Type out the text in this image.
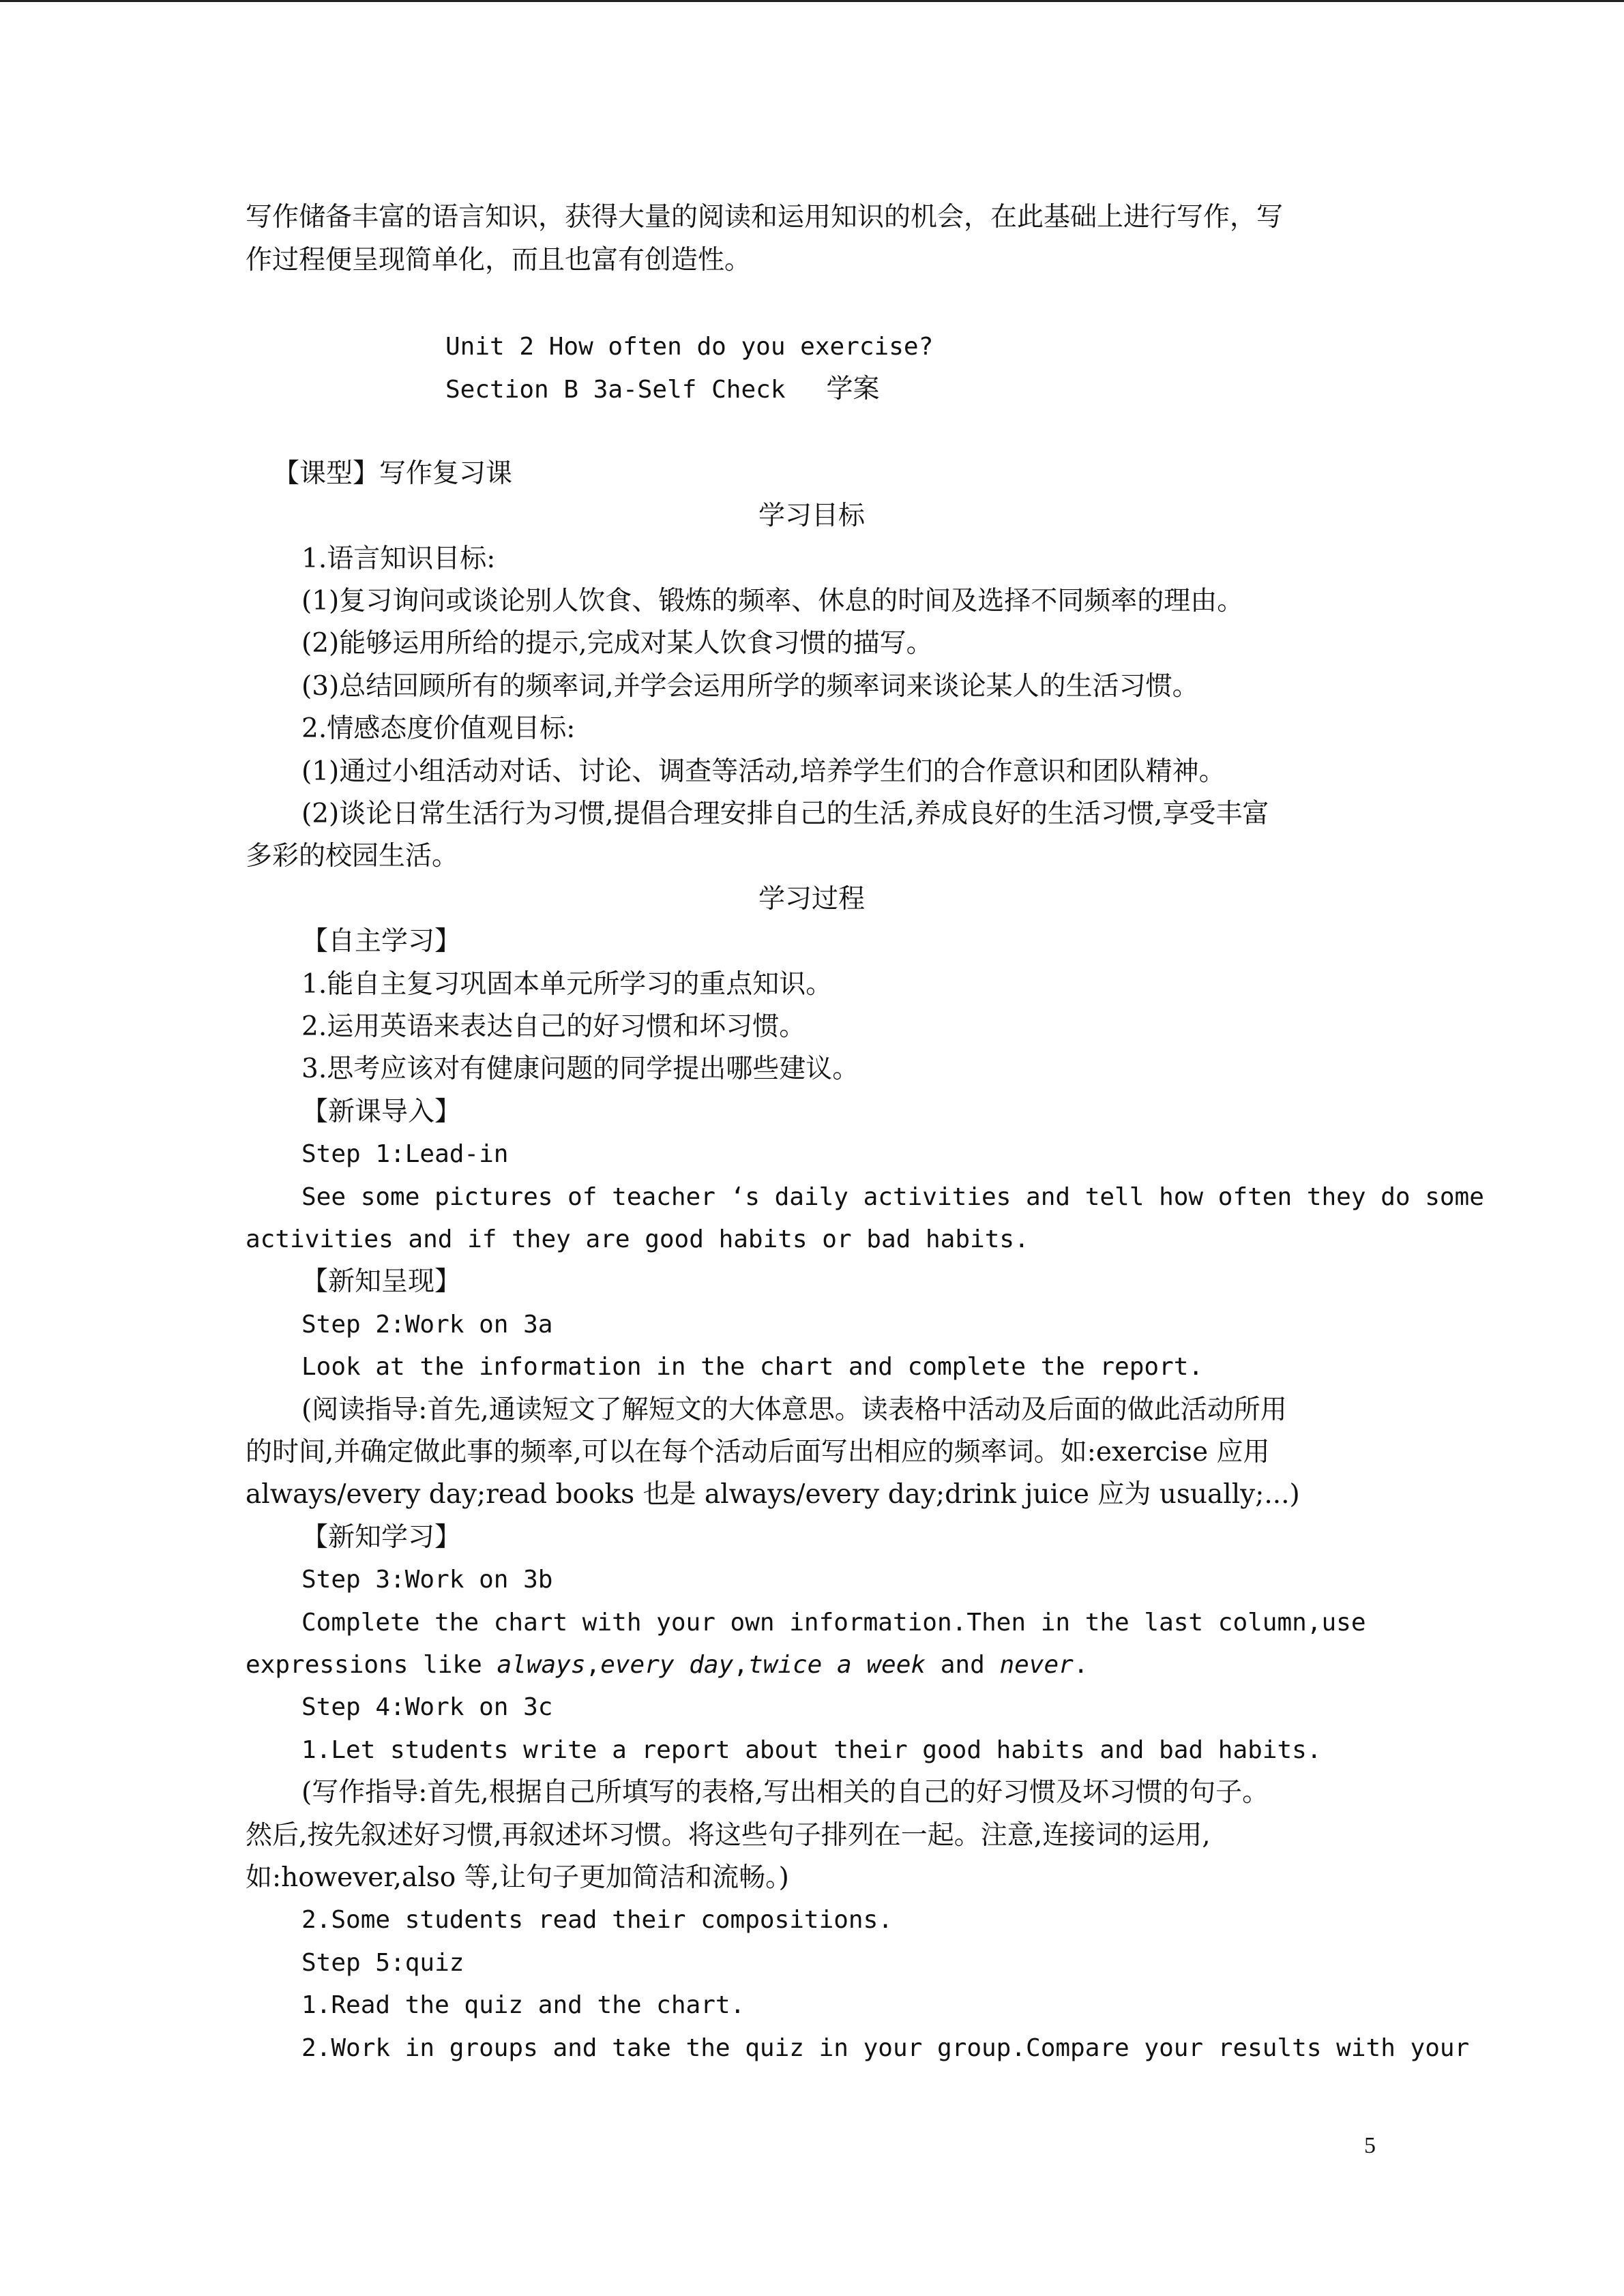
写作储备丰富的语言知识，获得大量的阅读和运用知识的机会，在此基础上进行写作，写
作过程便呈现简单化，而且也富有创造性。
Unit 2 How often do you exercise?
Section B 3a-Self Check 学案
【课型】写作复习课
学习目标
1.语言知识目标:
(1)复习询问或谈论别人饮食、锻炼的频率、休息的时间及选择不同频率的理由。
(2)能够运用所给的提示,完成对某人饮食习惯的描写。
(3)总结回顾所有的频率词,并学会运用所学的频率词来谈论某人的生活习惯。
2.情感态度价值观目标:
(1)通过小组活动对话、讨论、调查等活动,培养学生们的合作意识和团队精神。
(2)谈论日常生活行为习惯,提倡合理安排自己的生活,养成良好的生活习惯,享受丰富
多彩的校园生活。
学习过程
【自主学习】
1.能自主复习巩固本单元所学习的重点知识。
2.运用英语来表达自己的好习惯和坏习惯。
3.思考应该对有健康问题的同学提出哪些建议。
【新课导入】
Step 1:Lead-in
See some pictures of teacher ‘s daily activities and tell how often they do some
activities and if they are good habits or bad habits.
【新知呈现】
Step 2:Work on 3a
Look at the information in the chart and complete the report.
(阅读指导:首先,通读短文了解短文的大体意思。读表格中活动及后面的做此活动所用
的时间,并确定做此事的频率,可以在每个活动后面写出相应的频率词。如:exercise 应用
always/every day;read books 也是 always/every day;drink juice 应为 usually;...)
【新知学习】
Step 3:Work on 3b
Complete the chart with your own information.Then in the last column,use
expressions like always,every day,twice a week and never.
Step 4:Work on 3c
1.Let students write a report about their good habits and bad habits.
(写作指导:首先,根据自己所填写的表格,写出相关的自己的好习惯及坏习惯的句子。
然后,按先叙述好习惯,再叙述坏习惯。将这些句子排列在一起。注意,连接词的运用,
如:however,also 等,让句子更加简洁和流畅。)
2.Some students read their compositions.
Step 5:quiz
1.Read the quiz and the chart.
2.Work in groups and take the quiz in your group.Compare your results with your
5
